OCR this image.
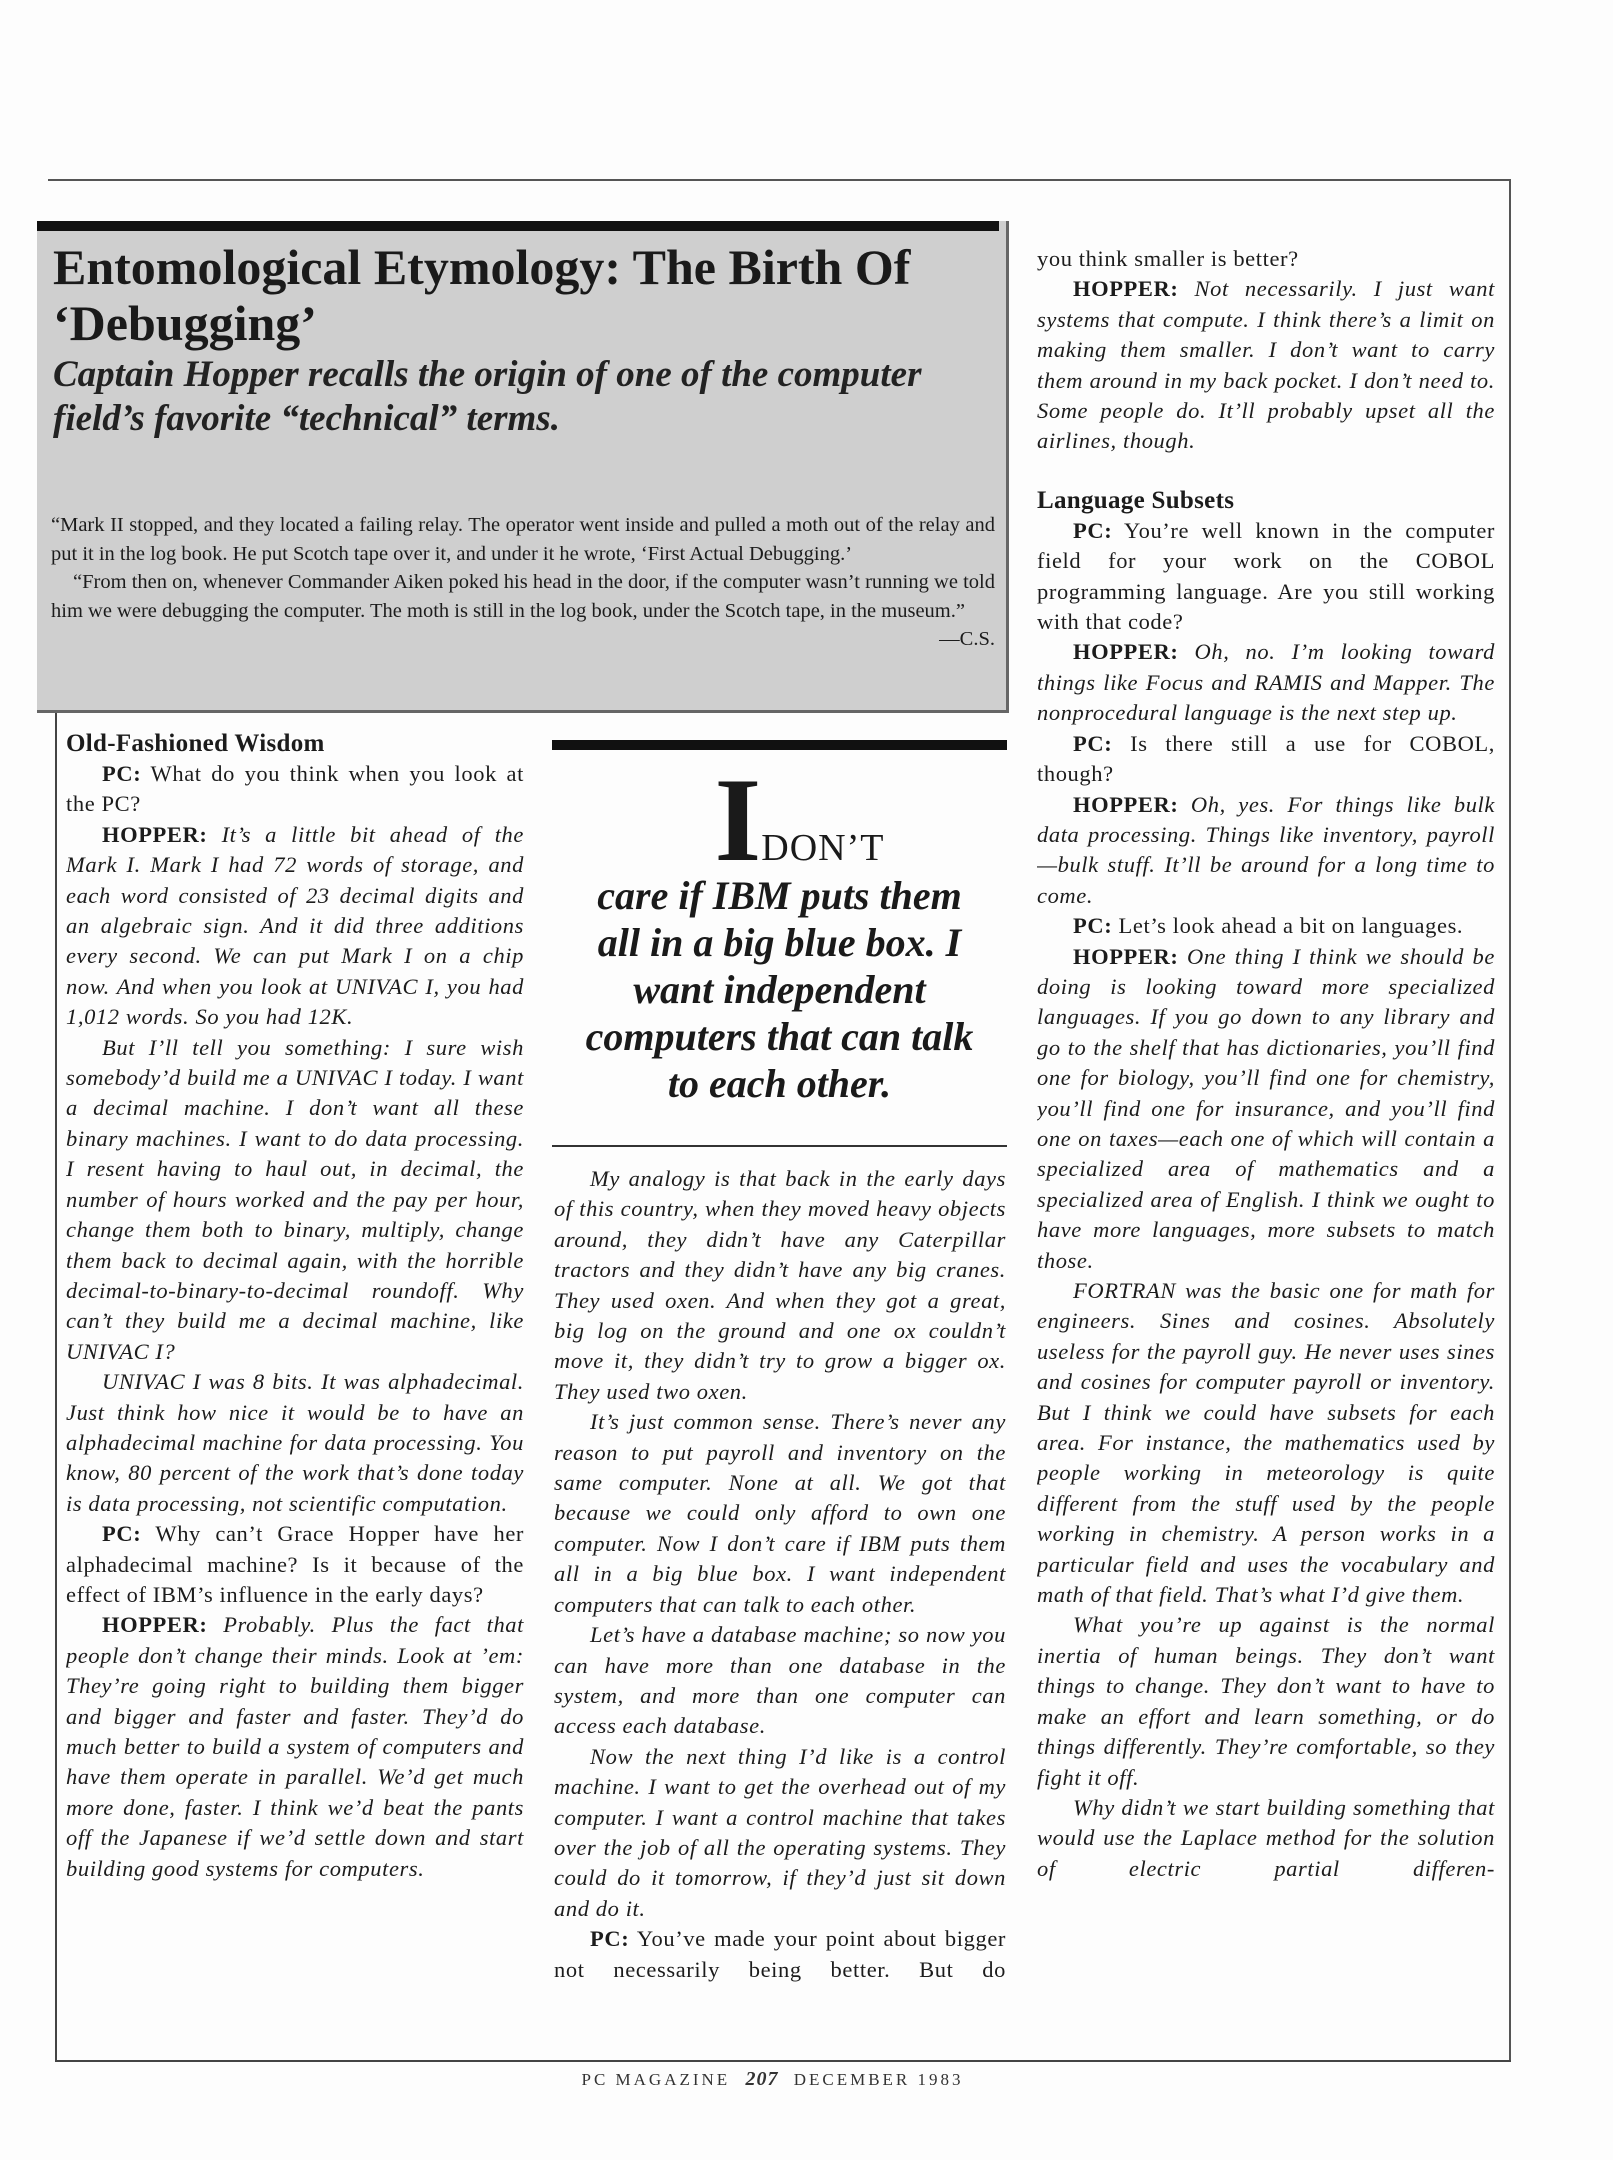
Entomological Etymology: The Birth Of ‘Debugging’
Captain Hopper recalls the origin of one of the computer field’s favorite “technical” terms.

“Mark II stopped, and they located a failing relay. The operator went inside and pulled a moth out of the relay and put it in the log book. He put Scotch tape over it, and under it he wrote, ‘First Actual Debugging.’

“From then on, whenever Commander Aiken poked his head in the door, if the computer wasn’t running we told him we were debugging the computer. The moth is still in the log book, under the Scotch tape, in the museum.”
—C.S.

Old-Fashioned Wisdom

PC: What do you think when you look at the PC?

HOPPER: It’s a little bit ahead of the Mark I. Mark I had 72 words of storage, and each word consisted of 23 decimal digits and an algebraic sign. And it did three additions every second. We can put Mark I on a chip now. And when you look at UNIVAC I, you had 1,012 words. So you had 12K.

But I’ll tell you something: I sure wish somebody’d build me a UNIVAC I today. I want a decimal machine. I don’t want all these binary machines. I want to do data processing. I resent having to haul out, in decimal, the number of hours worked and the pay per hour, change them both to binary, multiply, change them back to decimal again, with the horrible decimal-to-binary-to-decimal roundoff. Why can’t they build me a decimal machine, like UNIVAC I?

UNIVAC I was 8 bits. It was alphadecimal. Just think how nice it would be to have an alphadecimal machine for data processing. You know, 80 percent of the work that’s done today is data processing, not scientific computation.

PC: Why can’t Grace Hopper have her alphadecimal machine? Is it because of the effect of IBM’s influence in the early days?

HOPPER: Probably. Plus the fact that people don’t change their minds. Look at ’em: They’re going right to building them bigger and bigger and faster and faster. They’d do much better to build a system of computers and have them operate in parallel. We’d get much more done, faster. I think we’d beat the pants off the Japanese if we’d settle down and start building good systems for computers.

IDON’T
care if IBM puts them
all in a big blue box. I
want independent
computers that can talk
to each other.

My analogy is that back in the early days of this country, when they moved heavy objects around, they didn’t have any Caterpillar tractors and they didn’t have any big cranes. They used oxen. And when they got a great, big log on the ground and one ox couldn’t move it, they didn’t try to grow a bigger ox. They used two oxen.

It’s just common sense. There’s never any reason to put payroll and inventory on the same computer. None at all. We got that because we could only afford to own one computer. Now I don’t care if IBM puts them all in a big blue box. I want independent computers that can talk to each other.

Let’s have a database machine; so now you can have more than one database in the system, and more than one computer can access each database.

Now the next thing I’d like is a control machine. I want to get the overhead out of my computer. I want a control machine that takes over the job of all the operating systems. They could do it tomorrow, if they’d just sit down and do it.

PC: You’ve made your point about bigger not necessarily being better. But do

you think smaller is better?

HOPPER: Not necessarily. I just want systems that compute. I think there’s a limit on making them smaller. I don’t want to carry them around in my back pocket. I don’t need to. Some people do. It’ll probably upset all the airlines, though.

Language Subsets

PC: You’re well known in the computer field for your work on the COBOL programming language. Are you still working with that code?

HOPPER: Oh, no. I’m looking toward things like Focus and RAMIS and Mapper. The nonprocedural language is the next step up.

PC: Is there still a use for COBOL, though?

HOPPER: Oh, yes. For things like bulk data processing. Things like inventory, payroll—bulk stuff. It’ll be around for a long time to come.

PC: Let’s look ahead a bit on languages.

HOPPER: One thing I think we should be doing is looking toward more specialized languages. If you go down to any library and go to the shelf that has dictionaries, you’ll find one for biology, you’ll find one for chemistry, you’ll find one for insurance, and you’ll find one on taxes—each one of which will contain a specialized area of mathematics and a specialized area of English. I think we ought to have more languages, more subsets to match those.

FORTRAN was the basic one for math for engineers. Sines and cosines. Absolutely useless for the payroll guy. He never uses sines and cosines for computer payroll or inventory. But I think we could have subsets for each area. For instance, the mathematics used by people working in meteorology is quite different from the stuff used by the people working in chemistry. A person works in a particular field and uses the vocabulary and math of that field. That’s what I’d give them.

What you’re up against is the normal inertia of human beings. They don’t want things to change. They don’t want to have to make an effort and learn something, or do things differently. They’re comfortable, so they fight it off.

Why didn’t we start building something that would use the Laplace method for the solution of electric partial differen-

PC MAGAZINE 207 DECEMBER 1983
